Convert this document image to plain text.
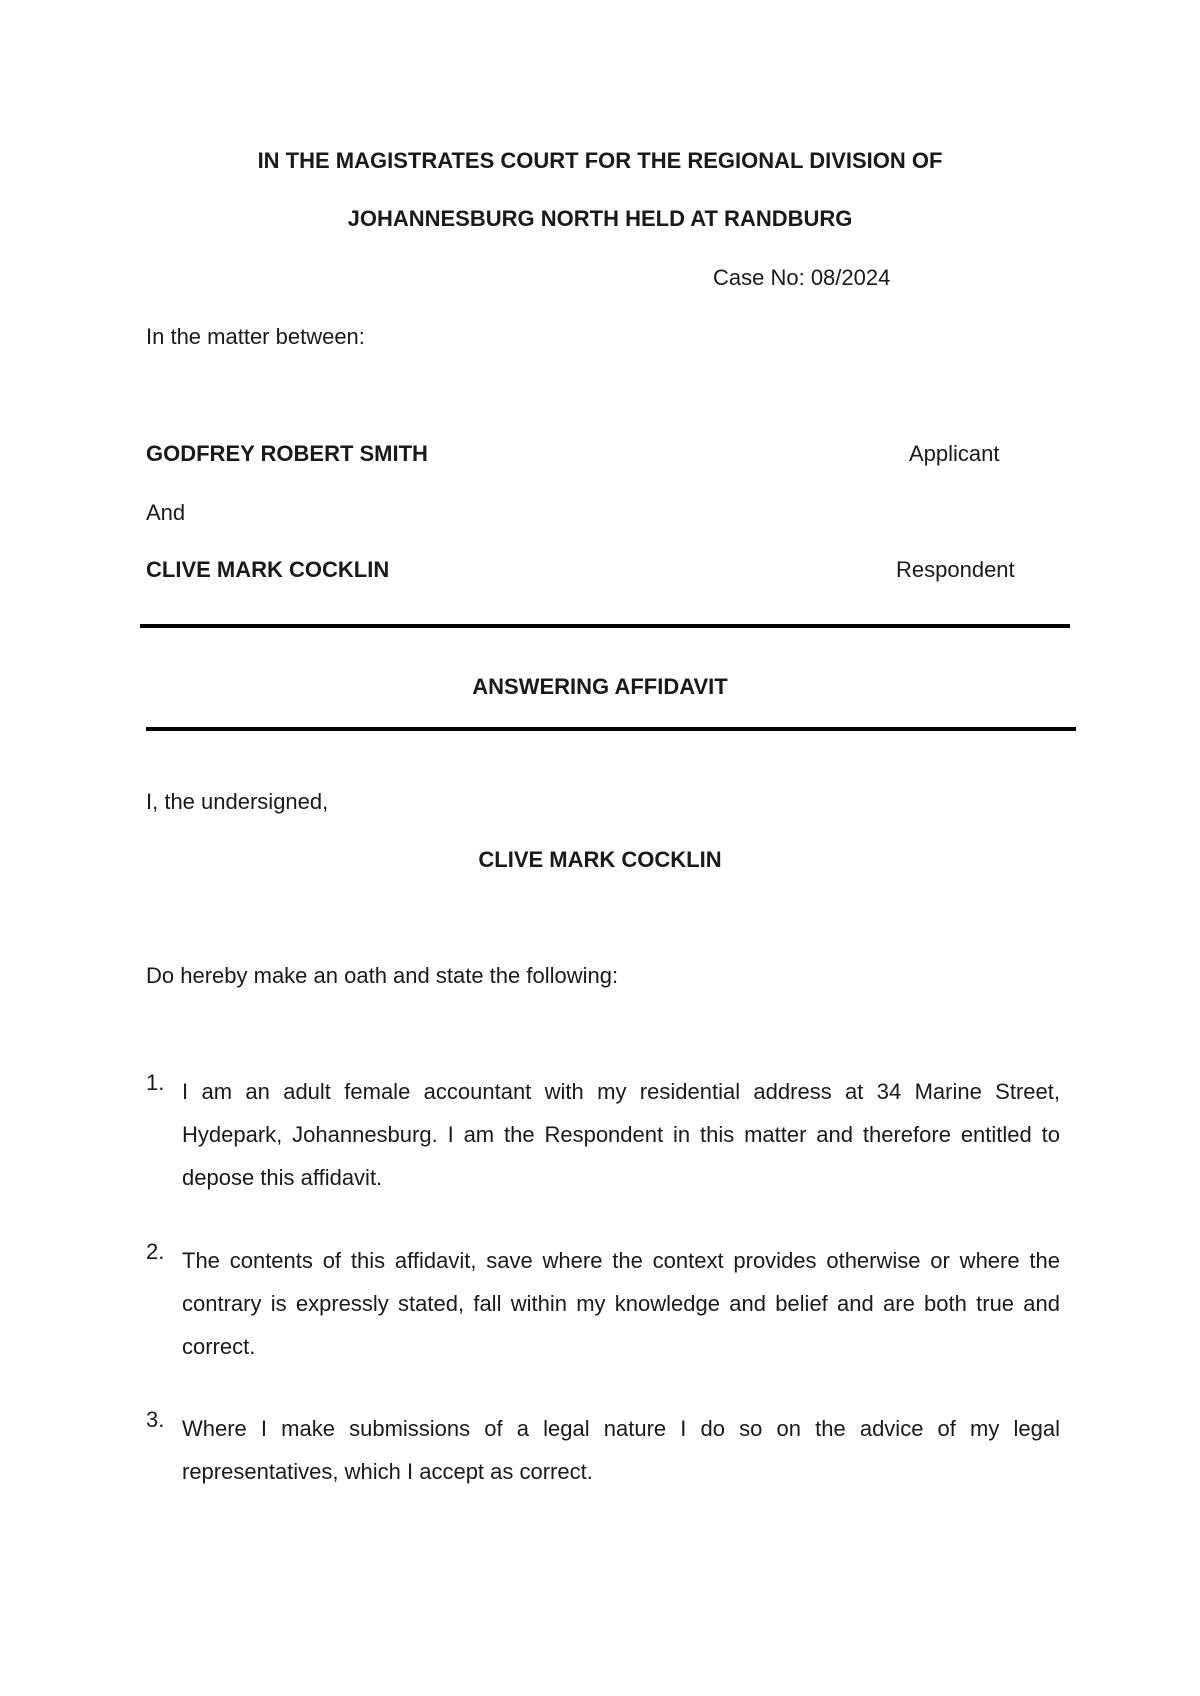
IN THE MAGISTRATES COURT FOR THE REGIONAL DIVISION OF
JOHANNESBURG NORTH HELD AT RANDBURG
Case No: 08/2024
In the matter between:
GODFREY ROBERT SMITH	Applicant
And
CLIVE MARK COCKLIN	Respondent
ANSWERING AFFIDAVIT
I, the undersigned,
CLIVE MARK COCKLIN
Do hereby make an oath and state the following:
1. I am an adult female accountant with my residential address at 34 Marine Street, Hydepark, Johannesburg. I am the Respondent in this matter and therefore entitled to depose this affidavit.
2. The contents of this affidavit, save where the context provides otherwise or where the contrary is expressly stated, fall within my knowledge and belief and are both true and correct.
3. Where I make submissions of a legal nature I do so on the advice of my legal representatives, which I accept as correct.
